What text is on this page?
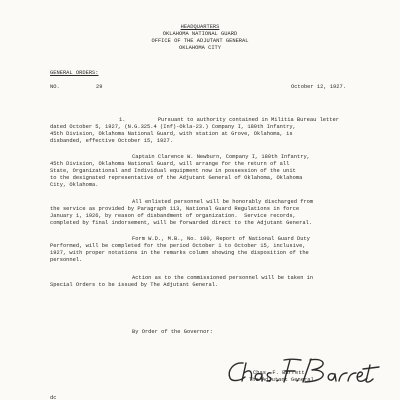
HEADQUARTERS

OKLAHOMA NATIONAL GUARD

OFFICE OF THE ADJUTANT GENERAL

OKLAHOMA CITY

GENERAL ORDERS:

NO.	29	October 12, 1927.

1.          Pursuant to authority contained in Militia Bureau letter

dated October 5, 1927, (N.G.325.4 (Inf)-Okla-23.) Company I, 180th Infantry,

45th Division, Oklahoma National Guard, with station at Grove, Oklahoma, is

disbanded, effective October 15, 1927.

Captain Clarence W. Newburn, Company I, 180th Infantry,

45th Division, Oklahoma National Guard, will arrange for the return of all

State, Organizational and Individual equipment now in possession of the unit

to the designated representative of the Adjutant General of Oklahoma, Oklahoma

City, Oklahoma.

All enlisted personnel will be honorably discharged from

the service as provided by Paragraph 113, National Guard Regulations in force

January 1, 1926, by reason of disbandment of organization.  Service records,

completed by final indorsement, will be forwarded direct to the Adjutant General.

Form W.D., M.B., No. 100, Report of National Guard Duty

Performed, will be completed for the period October 1 to October 15, inclusive,

1927, with proper notations in the remarks column showing the disposition of the

personnel.

Action as to the commissioned personnel will be taken in

Special Orders to be issued by The Adjutant General.

By Order of the Governor:

Chas. F. Barrett

The Adjutant General.

dc
